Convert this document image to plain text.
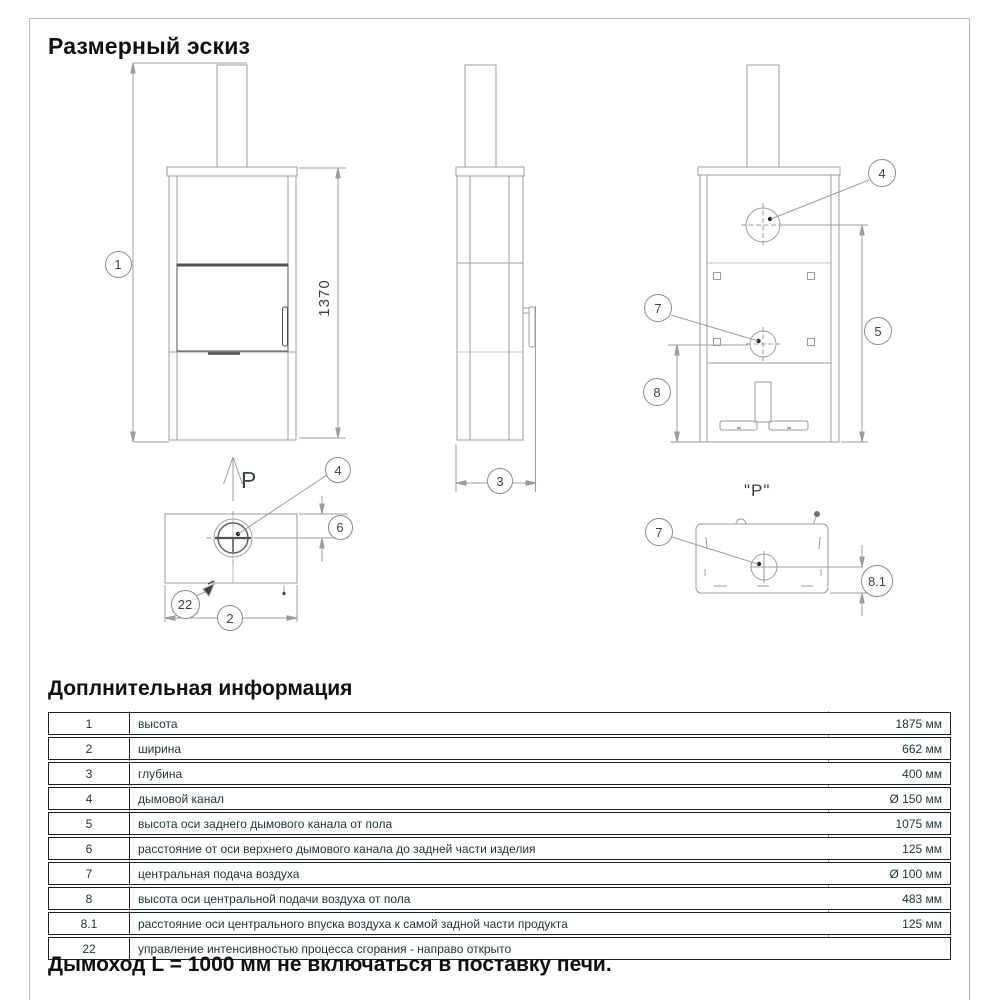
Размерный эскиз
1370
P	"P"
1
2
3
4
4
5
6
7
7
8
8.1
22
Доплнительная информация
1	высота	1875 мм
2	ширина	662 мм
3	глубина	400 мм
4	дымовой канал	Ø 150 мм
5	высота оси заднего дымового канала от пола	1075 мм
6	расстояние от оси верхнего дымового канала до задней части изделия	125 мм
7	центральная подача воздуха	Ø 100 мм
8	высота оси центральной подачи воздуха от пола	483 мм
8.1	расстояние оси центрального впуска воздуха к самой задной части продукта	125 мм
22	управление интенсивностью процесса сгорания - направо открыто
Дымоход L = 1000 мм не включаться в поставку печи.
